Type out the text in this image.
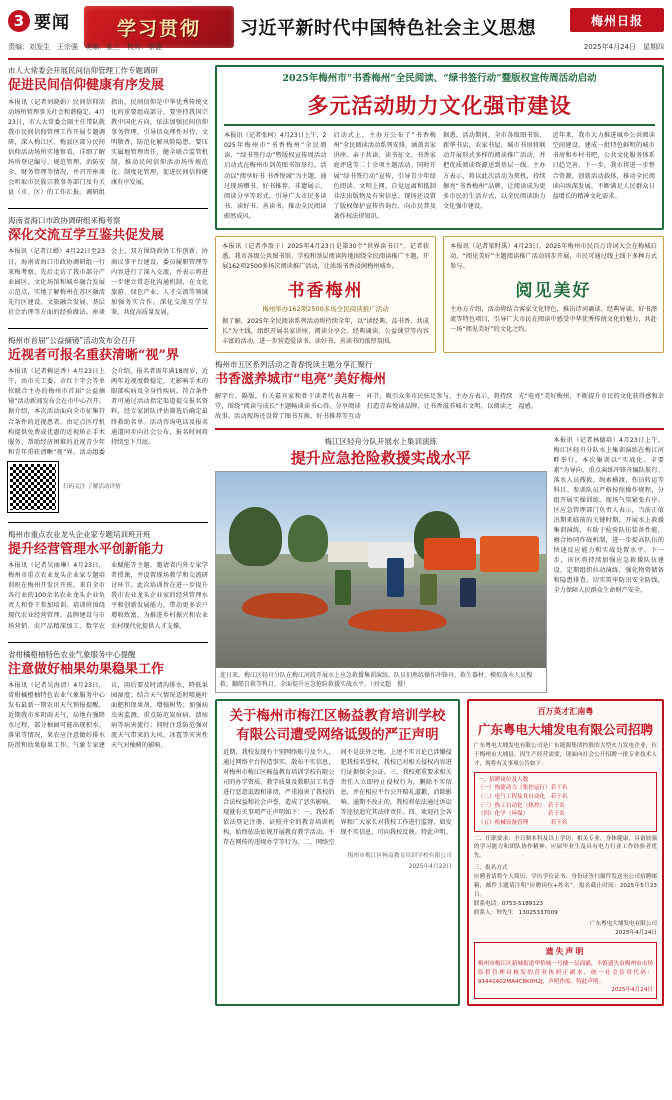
3 要闻 学习贯彻 习近平新时代中国特色社会主义思想	梅州日报
责编：刘发生　王宗强　美编：张兰　校对：蔡健	2025年4月24日　星期四
市人大常委会开展民间信仰管理工作专题调研
促进民间信仰健康有序发展
本报讯（记者刘晓娟）民间信仰活动场所管理事关社会和谐稳定。4月23日，市人大常委会副主任带队就我市民间信仰管理工作开展专题调研，深入梅江区、梅县区部分民间信仰活动场所实地察看，详细了解场所登记编号、规范管理、消防安全、财务管理等情况，并召开座谈会听取市民族宗教事务部门及有关县（市、区）的工作汇报。调研组指出，民间信仰是中华优秀传统文化的重要组成部分，要坚持我国宗教中国化方向，依法加强民间信仰事务管理，引导信众理性对待、文明敬香，防范化解风险隐患。要压实属地管理责任，健全联合监管机制，推动民间信仰活动场所规范化、制度化管理，促进民间信仰健康有序发展。
海南省海口市政协调研组来梅考察
深化交流互学互鉴共促发展
本报讯（记者江婵）4月22日至23日，海南省海口市政协调研组一行来梅考察，先后走访了我市部分产业园区、文化场馆和城乡融合发展示范点，实地了解梅州在苏区融湾先行区建设、文旅融合发展、基层社会治理等方面的经验做法。座谈会上，双方围绕政协工作创新、协商议事平台建设、委员履职管理等内容进行了深入交流，并表示将进一步建立常态化沟通机制，在文化旅游、绿色产业、人才交流等领域加强务实合作，深化交流互学互鉴，共促高质量发展。
梅州市首届“公益摘镜”活动发布会召开
近视者可报名重获清晰“视”界
本报讯（记者赖运香）4月23日上午，由市关工委、市红十字会等单位联合主办的梅州市首届“公益摘镜”活动新闻发布会在市中心召开。据介绍，本次活动面向全市征集符合条件的近视患者，由定点医疗机构提供免费或优惠的近视矫正手术服务，帮助经济困难的近视青少年和青年重获清晰“视”界。活动组委会介绍，报名者需年满18周岁，近两年近视度数稳定，无影响手术的眼部疾病及全身性疾病。符合条件者可通过活动指定渠道提交报名资料，经专家团队评估筛选后确定最终救助名单。活动咨询电话及报名通道同步向社会公布，报名时间将持续至下月底。
扫码关注 了解活动详情
梅州市重点农业龙头企业家专题培训班开班
提升经营管理水平创新能力
本报讯（记者吴丽琳）4月23日，梅州市重点农业龙头企业家专题培训班在梅州开发区开班，来自全市各行业的100余名农业龙头企业负责人和骨干参加培训。培训班围绕现代农业经营管理、品牌建设与市场营销、农产品精深加工、数字农业赋能等主题，邀请省内外专家学者授课，并设置现场教学和交流研讨环节。此次培训旨在进一步提升我市农业龙头企业家的经营管理水平和创新发展能力，带动更多农户增收致富，为推进乡村振兴和农业农村现代化提供人才支撑。
省柑橘橙柚特色农业气象服务中心提醒
注意做好柚果幼果稳果工作
本报讯（记者吴海清）4月23日，省柑橘橙柚特色农业气象服务中心发布最新一期农用天气预报提醒，近期我市多阴雨天气，局地有强降水过程，部分柚园可能出现积水、落果等情况，果农应注意做好排水防涝和幼果稳果工作。气象专家建议，雨后要及时清沟排水，降低果园湿度；结合天气情况适时喷施叶面肥和保果剂，增强树势；加强病虫害监测，重点防范炭疽病、溃疡病等病害流行；同时注意防范强对流天气带来的大风、冰雹等灾害性天气对柚树的影响。
2025年梅州市“书香梅州”全民阅读、“绿书签行动”暨版权宣传周活动启动
多元活动助力文化强市建设
本报讯（记者张柯）4月23日上午，2025年梅州市“书香梅州”全民阅读、“绿书签行动”暨版权宣传周活动启动式在梅州市剑英图书馆举行。活动以“阅享好书 书香悦城”为主题，通过现场赠书、好书推荐、非遗展示、阅读分享等形式，引导广大市民多读书、读好书、善读书，推动全民阅读蔚然成风。
启动式上，主办方公布了“书香梅州”全民阅读活动系列安排，涵盖名家讲座、亲子共读、读书征文、书香家庭评选等二十余项主题活动。同时开展“绿书签行动”宣传，引导青少年绿色阅读、文明上网，自觉远离和抵制非法出版物及有害信息。现场还设置了版权保护宣传咨询台，向市民普及著作权法律知识。
据悉，活动期间，全市各级图书馆、新华书店、农家书屋、城市书房将联动开展形式多样的阅读推广活动，并把优质阅读资源送到基层一线。主办方表示，将以此次活动为契机，持续擦亮“书香梅州”品牌，让阅读成为更多市民的生活方式，以全民阅读助力文化强市建设。
近年来，我市大力推进城乡公共阅读空间建设，建成一批特色鲜明的城市书房和乡村书吧，公共文化服务体系日趋完善。下一步，我市将进一步整合资源，创新活动载体，推动全民阅读向纵深发展，不断满足人民群众日益增长的精神文化需求。
本报讯（记者李盈子）2025年4月23日是第30个“世界读书日”。记者获悉，我市各级公共图书馆、学校和基层阅读阵地围绕全民阅读推广主题，开展162项2500多场次阅读推广活动，让浓浓书香浸润梅州城乡。
书香梅州
梅州举办162项2500多场全民阅读推广活动
据了解，2025年全民阅读系列活动将持续全年，以“读经典、品书香、共成长”为主线，组织开展名家讲座、阅读分享会、经典诵读、公益课堂等内容丰富的活动，进一步营造爱读书、读好书、善读书的浓厚氛围。
本报讯（记者梁时禹）4月23日，2025年梅州市民百万诗词大会在梅城启动，“阅见美好”主题阅读推广活动同步开展，市民可通过线上线下多种方式参与。
阅见美好
主办方介绍，活动将结合客家文化特色，推出诗词诵读、经典导读、好书漂流等特色项目，引导广大市民在阅读中感受中华优秀传统文化的魅力，共赴一场“阅见美好”的文化之约。
梅州市五区系列活动之青春悦读主题分享汇聚行
书香滋养城市“电亮”美好梅州
解字台、隔版，有关嘉宾家和骨干读者代表共聚一堂，围绕“阅读与成长”主题畅谈读书心得，分享阅读故事。活动现场还设置了图书互换、好书推荐等互动环节，吸引众多市民驻足参与。主办方表示，将持续打造青春悦读品牌，让书香滋养城市文明，以阅读之光“电亮”美好梅州，不断提升市民的文化获得感和幸福感。
梅江区轻舟分队开展水上集训演练
提升应急抢险救援实战水平
连日来，梅江区轻舟分队在梅江河段开展水上应急救援集训演练，队员们熟练操作冲锋舟、救生器材，模拟落水人员搜救、翻船自救等科目，全面提升应急抢险救援实战水平。（刘文超　摄）
本报讯（记者林德培）4月23日上午，梅江区轻舟分队水上集训演练在梅江河畔举行。本次集训以“实战化、全要素”为导向，重点演练冲锋舟编队航行、落水人员搜救、绳索横渡、伤员转运等科目。参训队员严格按照操作规程，分组开展实操训练，现场气氛紧张有序。区应急管理部门负责人表示，当前正值汛期来临前的关键时期，开展水上救援集训演练，有助于检验队伍装备性能，磨合协同作战机制，进一步提高队伍的快速反应能力和实战处置水平。下一步，该区将持续加强应急救援队伍建设，定期组织拉动演练，强化物资储备和隐患排查，切实筑牢防汛安全防线，全力保障人民群众生命财产安全。
关于梅州市梅江区畅益教育培训学校有限公司遭受网络诋毁的严正声明
近期，我校发现有个别网络账号及个人，通过网络平台捏造事实、散布不实信息，对梅州市梅江区畅益教育培训学校有限公司的办学资质、教学质量及教职员工名誉进行恶意诋毁和诽谤，严重损害了我校的合法权益和社会声誉，造成了恶劣影响。现就有关事项严正声明如下：一、我校系依法登记注册、证照齐全的教育培训机构，始终依法依规开展教育教学活动，不存在网传的违规办学等行为。二、网络空间不是法外之地。上述不实言论已涉嫌侵犯我校名誉权，我校已对相关侵权内容进行证据保全公证。三、我校郑重要求相关责任人立即停止侵权行为，删除不实信息，并在相应平台公开赔礼道歉、消除影响。逾期不改正的，我校将依法通过诉讼等途径追究其法律责任。四、欢迎社会各界和广大家长对我校工作进行监督，如发现不实信息，可向我校反映。特此声明。
梅州市梅江区畅益教育培训学校有限公司
2025年4月23日
百万英才汇南粤
广东粤电大埔发电有限公司招聘
广东粤电大埔发电有限公司是广东能源集团控股的大型火力发电企业，位于梅州市大埔县。因生产经营需要，现面向社会公开招聘一批专业技术人才，现将有关事项公告如下：
一、招聘岗位及人数
（一）热能动力（集控运行）若干名
（二）电气工程及其自动化　若干名
（三）热工自动化（热控）　若干名
（四）化学（环保）　　　　若干名
（五）机械设备管理　　　　若干名
二、任职要求：全日制本科及以上学历，相关专业，身体健康，具备较强的学习能力和团队协作精神。应届毕业生及具有电力行业工作经验者优先。
三、报名方式
应聘者请将个人简历、学历学位证书、身份证等扫描件发送至公司招聘邮箱，邮件主题请注明“应聘岗位+姓名”。报名截止时间：2025年5月23日。
联系电话：0753-5189123
联系人：钟先生　13025337009
广东粤电大埔发电有限公司
2025年4月24日
遗失声明
梅州市梅江区新城街道华侨城一号楼一层商铺，不慎遗失由梅州市市场监督管理局核发的营业执照正副本，统一社会信用代码：91441402MA4C8K0H2J，声明作废。特此声明。
2025年4月24日
